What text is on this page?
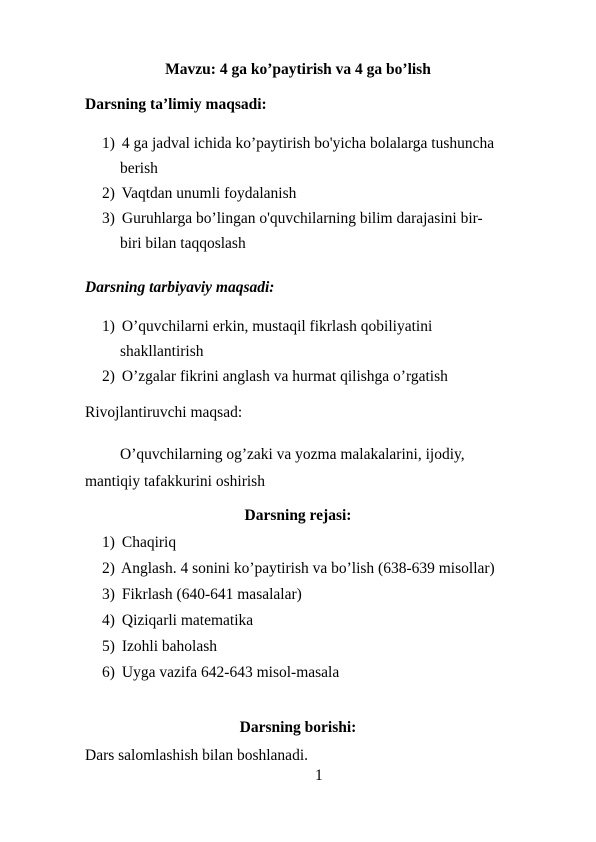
Mavzu: 4 ga ko’paytirish va 4 ga bo’lish
Darsning ta’limiy maqsadi:
1) 4 ga jadval ichida ko’paytirish bo'yicha bolalarga tushuncha
berish
2) Vaqtdan unumli foydalanish
3) Guruhlarga bo’lingan o'quvchilarning bilim darajasini bir-
biri bilan taqqoslash
Darsning tarbiyaviy maqsadi:
1) O’quvchilarni erkin, mustaqil fikrlash qobiliyatini
shakllantirish
2) O’zgalar fikrini anglash va hurmat qilishga o’rgatish
Rivojlantiruvchi maqsad:
O’quvchilarning og’zaki va yozma malakalarini, ijodiy,
mantiqiy tafakkurini oshirish
Darsning rejasi:
1) Chaqiriq
2) Anglash. 4 sonini ko’paytirish va bo’lish (638-639 misollar)
3) Fikrlash (640-641 masalalar)
4) Qiziqarli matematika
5) Izohli baholash
6) Uyga vazifa 642-643 misol-masala
Darsning borishi:
Dars salomlashish bilan boshlanadi.
1
